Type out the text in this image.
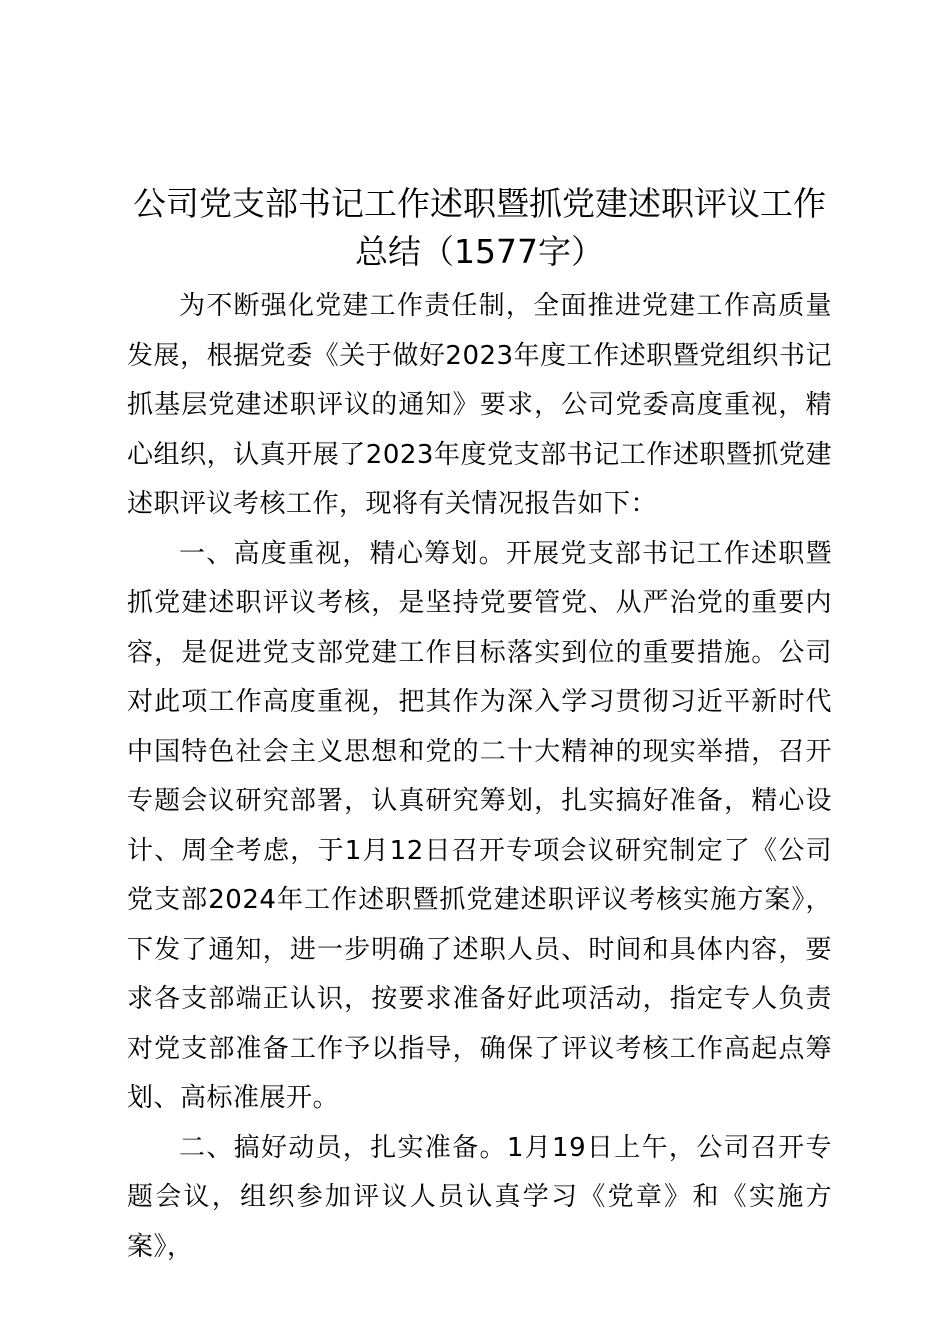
公司党支部书记工作述职暨抓党建述职评议工作总结（1577字）

为不断强化党建工作责任制，全面推进党建工作高质量发展，根据党委《关于做好2023年度工作述职暨党组织书记抓基层党建述职评议的通知》要求，公司党委高度重视，精心组织，认真开展了2023年度党支部书记工作述职暨抓党建述职评议考核工作，现将有关情况报告如下：

一、高度重视，精心筹划。开展党支部书记工作述职暨抓党建述职评议考核，是坚持党要管党、从严治党的重要内容，是促进党支部党建工作目标落实到位的重要措施。公司对此项工作高度重视，把其作为深入学习贯彻习近平新时代中国特色社会主义思想和党的二十大精神的现实举措，召开专题会议研究部署，认真研究筹划，扎实搞好准备，精心设计、周全考虑，于1月12日召开专项会议研究制定了《公司党支部2024年工作述职暨抓党建述职评议考核实施方案》，下发了通知，进一步明确了述职人员、时间和具体内容，要求各支部端正认识，按要求准备好此项活动，指定专人负责对党支部准备工作予以指导，确保了评议考核工作高起点筹划、高标准展开。

二、搞好动员，扎实准备。1月19日上午，公司召开专题会议，组织参加评议人员认真学习《党章》和《实施方案》，
